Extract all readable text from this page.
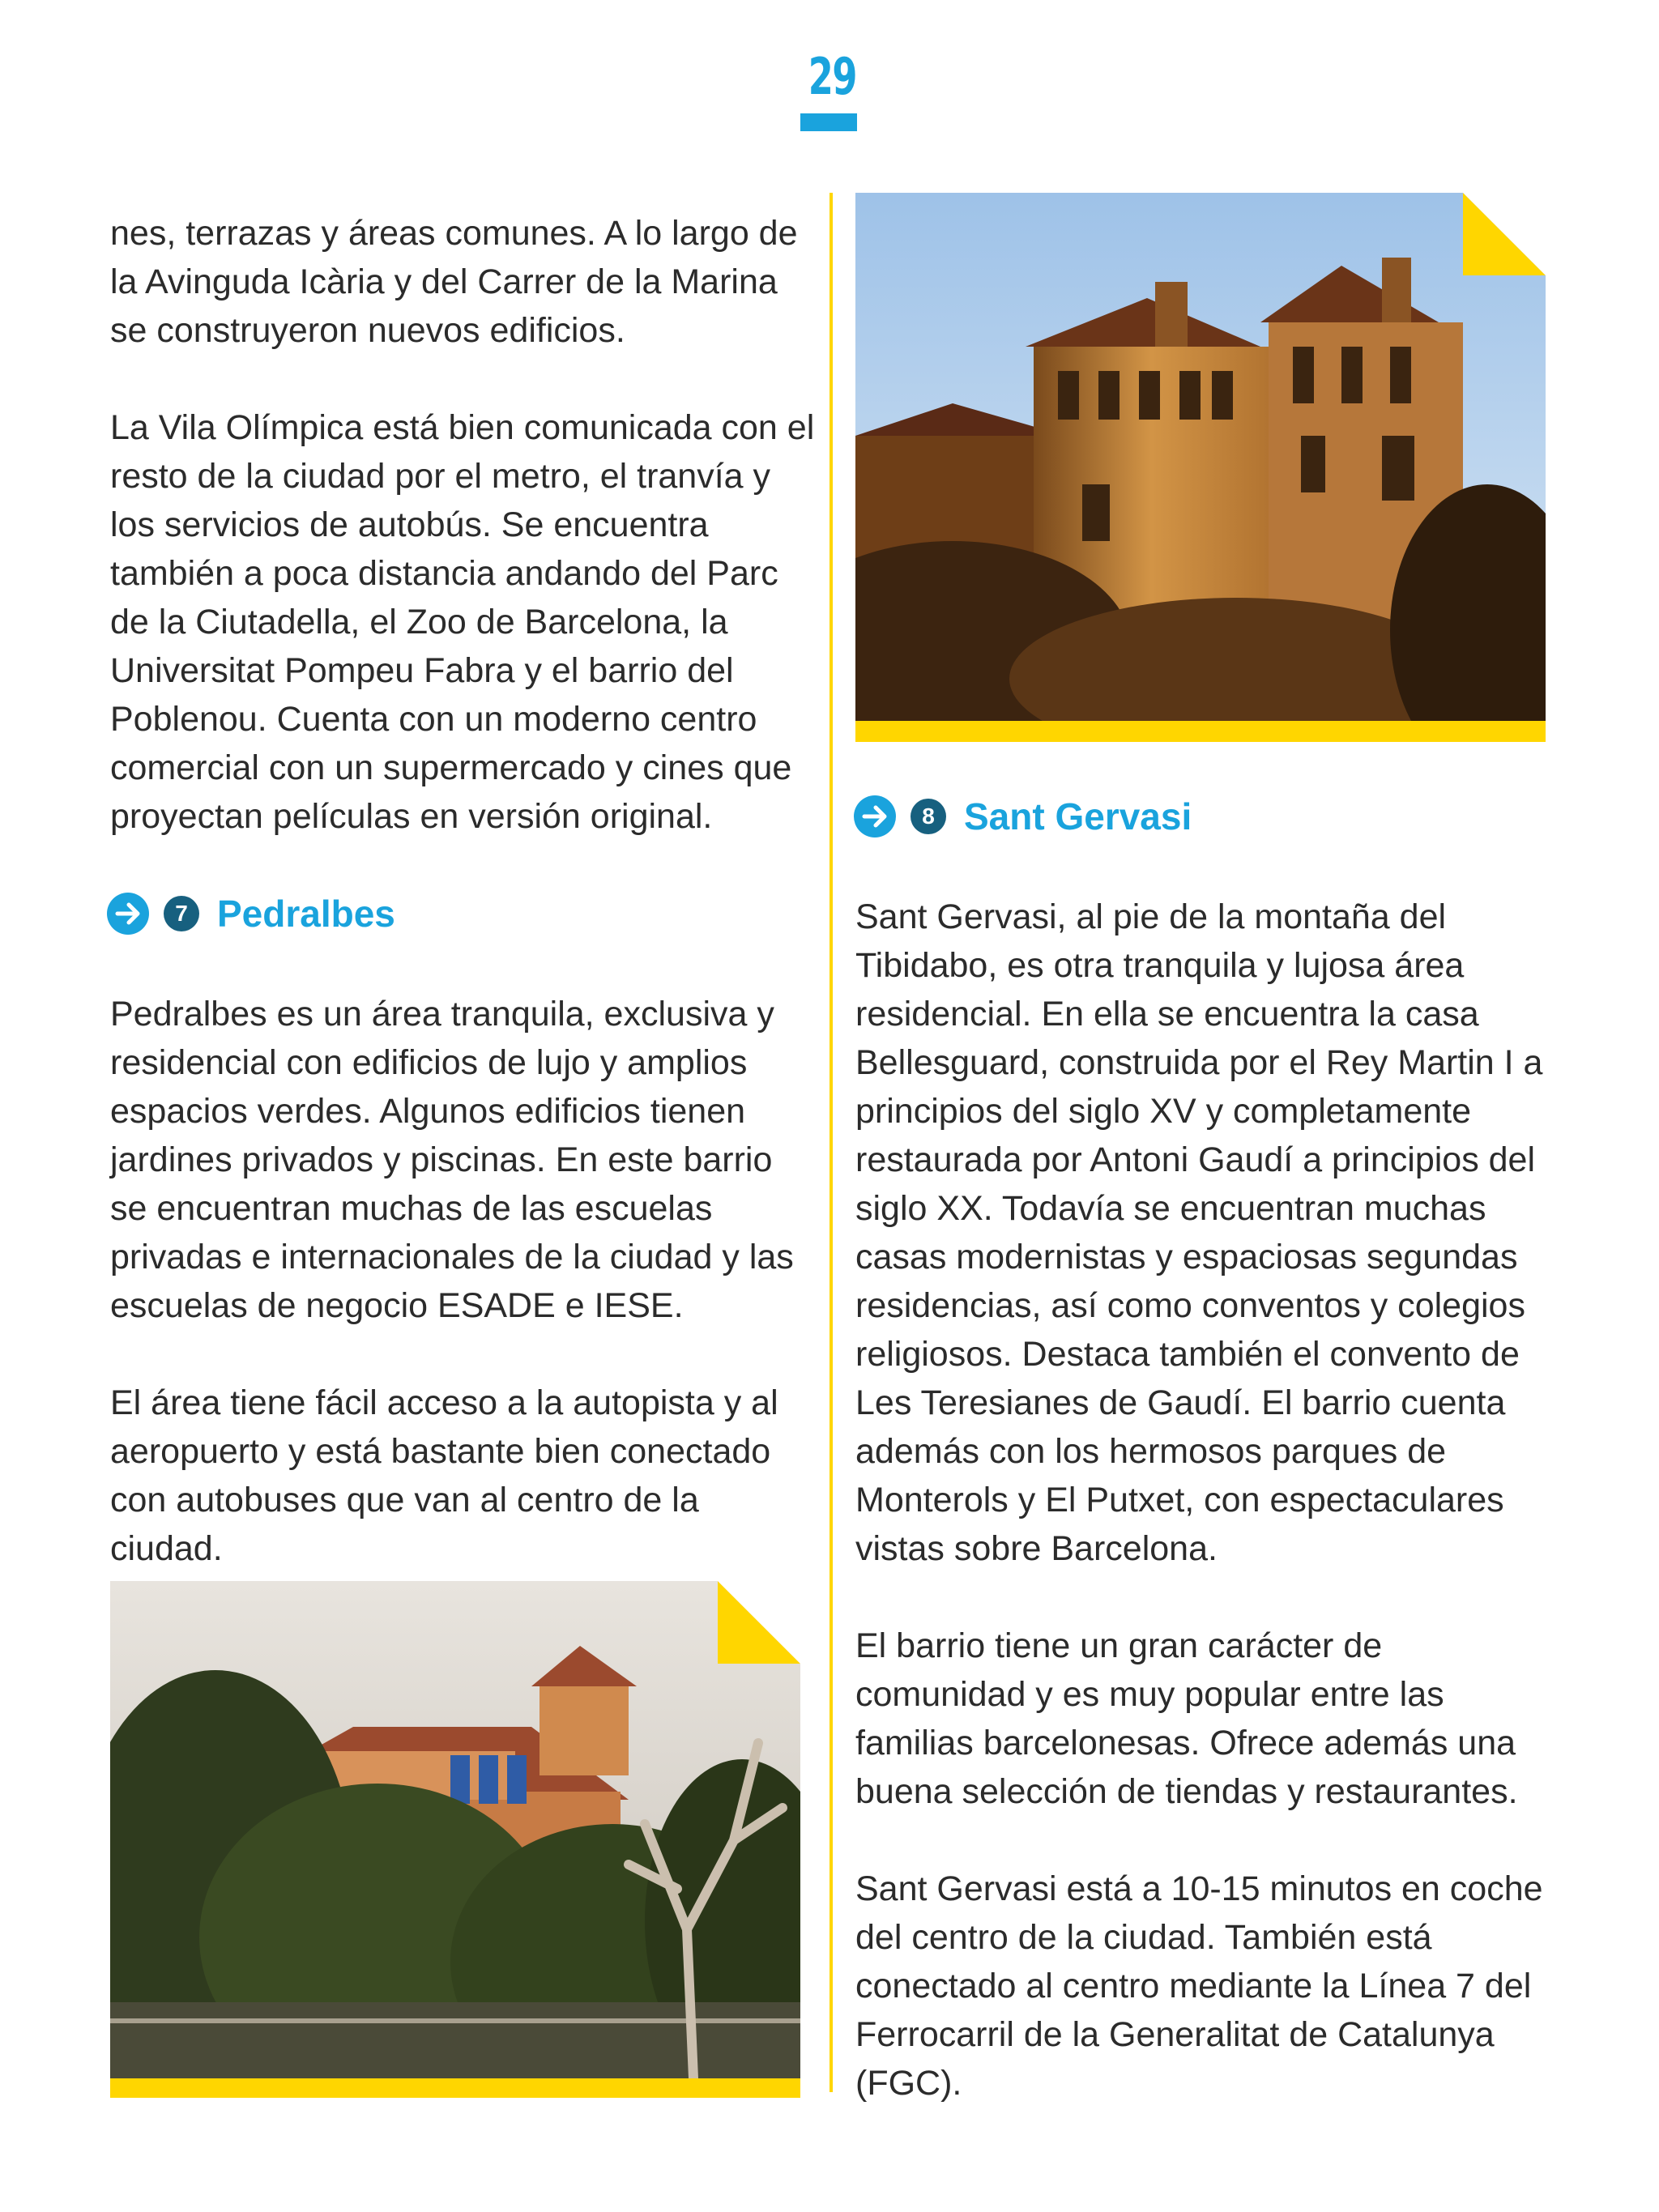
29

nes, terrazas y áreas comunes. A lo largo de la Avinguda Icària y del Carrer de la Marina se construyeron nuevos edificios.

La Vila Olímpica está bien comunicada con el resto de la ciudad por el metro, el tranvía y los servicios de autobús. Se encuentra también a poca distancia andando del Parc de la Ciutadella, el Zoo de Barcelona, la Universitat Pompeu Fabra y el barrio del Poblenou. Cuenta con un moderno centro comercial con un supermercado y cines que proyectan películas en versión original.

7 Pedralbes

Pedralbes es un área tranquila, exclusiva y residencial con edificios de lujo y amplios espacios verdes. Algunos edificios tienen jardines privados y piscinas. En este barrio se encuentran muchas de las escuelas privadas e internacionales de la ciudad y las escuelas de negocio ESADE e IESE.

El área tiene fácil acceso a la autopista y al aeropuerto y está bastante bien conectado con autobuses que van al centro de la ciudad.

8 Sant Gervasi

Sant Gervasi, al pie de la montaña del Tibidabo, es otra tranquila y lujosa área residencial. En ella se encuentra la casa Bellesguard, construida por el Rey Martin I a principios del siglo XV y completamente restaurada por Antoni Gaudí a principios del siglo XX. Todavía se encuentran muchas casas modernistas y espaciosas segundas residencias, así como conventos y colegios religiosos. Destaca también el convento de Les Teresianes de Gaudí. El barrio cuenta además con los hermosos parques de Monterols y El Putxet, con espectaculares vistas sobre Barcelona.

El barrio tiene un gran carácter de comunidad y es muy popular entre las familias barcelonesas. Ofrece además una buena selección de tiendas y restaurantes.

Sant Gervasi está a 10-15 minutos en coche del centro de la ciudad. También está conectado al centro mediante la Línea 7 del Ferrocarril de la Generalitat de Catalunya (FGC).
